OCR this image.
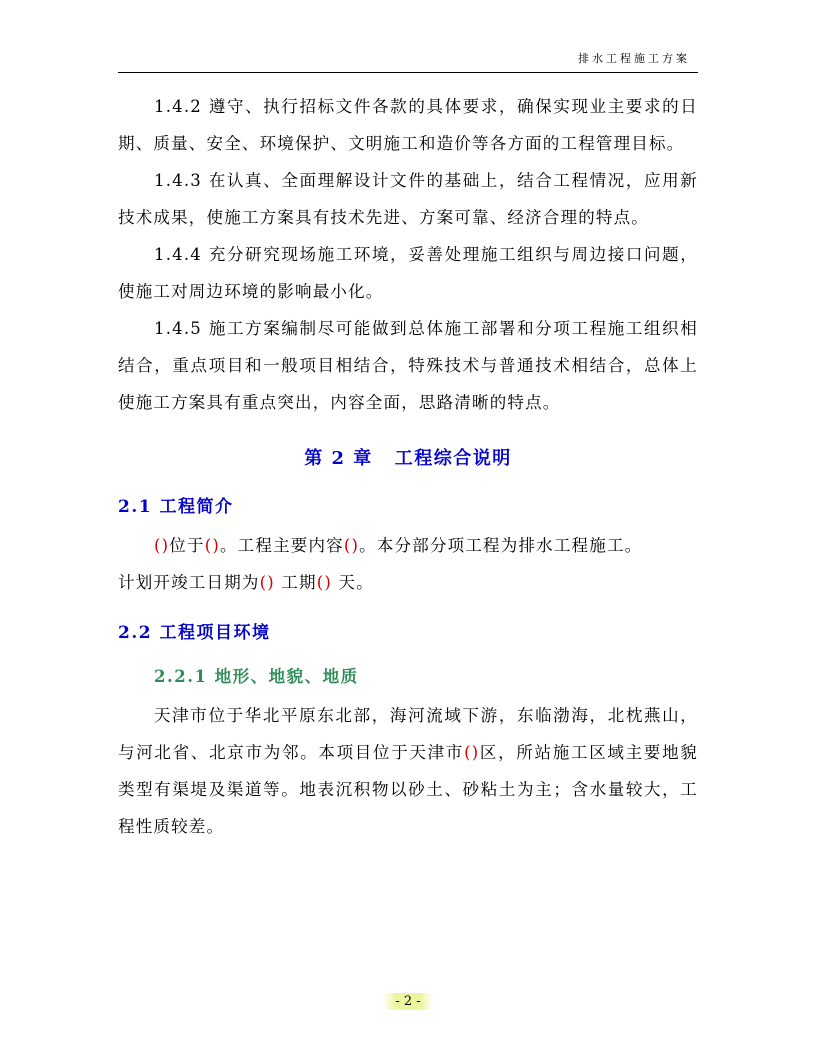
排水工程施工方案

1.4.2 遵守、执行招标文件各款的具体要求，确保实现业主要求的日期、质量、安全、环境保护、文明施工和造价等各方面的工程管理目标。

1.4.3 在认真、全面理解设计文件的基础上，结合工程情况，应用新技术成果，使施工方案具有技术先进、方案可靠、经济合理的特点。

1.4.4 充分研究现场施工环境，妥善处理施工组织与周边接口问题，使施工对周边环境的影响最小化。

1.4.5 施工方案编制尽可能做到总体施工部署和分项工程施工组织相结合，重点项目和一般项目相结合，特殊技术与普通技术相结合，总体上使施工方案具有重点突出，内容全面，思路清晰的特点。

第 2 章 工程综合说明
2.1 工程简介

()位于()。工程主要内容()。本分部分项工程为排水工程施工。

计划开竣工日期为() 工期() 天。

2.2 工程项目环境
2.2.1 地形、地貌、地质

天津市位于华北平原东北部，海河流域下游，东临渤海，北枕燕山，与河北省、北京市为邻。本项目位于天津市()区，所站施工区域主要地貌类型有渠堤及渠道等。地表沉积物以砂土、砂粘土为主；含水量较大，工程性质较差。

- 2 -
